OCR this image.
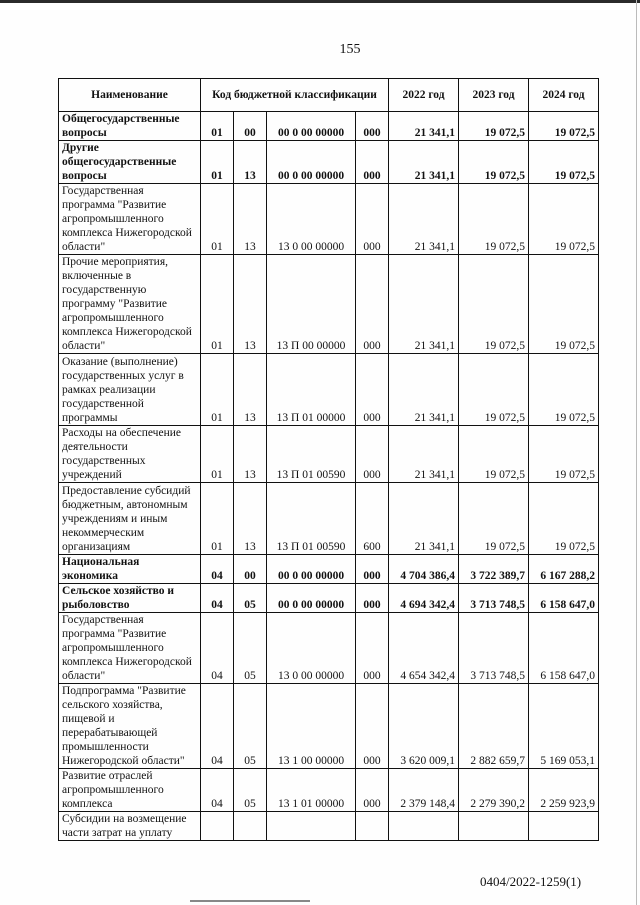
155
Наименование	Код бюджетной классификации				2022 год	2023 год	2024 год
Общегосударственные вопросы	01	00	00 0 00 00000	000	21 341,1	19 072,5	19 072,5
Другие общегосударственные вопросы	01	13	00 0 00 00000	000	21 341,1	19 072,5	19 072,5
Государственная программа "Развитие агропромышленного комплекса Нижегородской области"	01	13	13 0 00 00000	000	21 341,1	19 072,5	19 072,5
Прочие мероприятия, включенные в государственную программу "Развитие агропромышленного комплекса Нижегородской области"	01	13	13 П 00 00000	000	21 341,1	19 072,5	19 072,5
Оказание (выполнение) государственных услуг в рамках реализации государственной программы	01	13	13 П 01 00000	000	21 341,1	19 072,5	19 072,5
Расходы на обеспечение деятельности государственных учреждений	01	13	13 П 01 00590	000	21 341,1	19 072,5	19 072,5
Предоставление субсидий бюджетным, автономным учреждениям и иным некоммерческим организациям	01	13	13 П 01 00590	600	21 341,1	19 072,5	19 072,5
Национальная экономика	04	00	00 0 00 00000	000	4 704 386,4	3 722 389,7	6 167 288,2
Сельское хозяйство и рыболовство	04	05	00 0 00 00000	000	4 694 342,4	3 713 748,5	6 158 647,0
Государственная программа "Развитие агропромышленного комплекса Нижегородской области"	04	05	13 0 00 00000	000	4 654 342,4	3 713 748,5	6 158 647,0
Подпрограмма "Развитие сельского хозяйства, пищевой и перерабатывающей промышленности Нижегородской области"	04	05	13 1 00 00000	000	3 620 009,1	2 882 659,7	5 169 053,1
Развитие отраслей агропромышленного комплекса	04	05	13 1 01 00000	000	2 379 148,4	2 279 390,2	2 259 923,9
Субсидии на возмещение части затрат на уплату							
0404/2022-1259(1)
